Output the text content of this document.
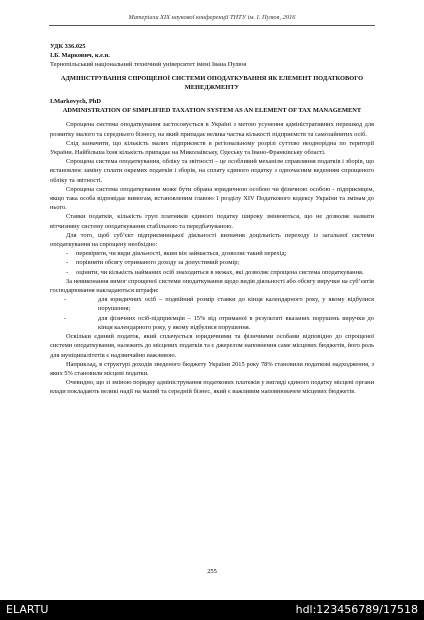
Матеріали XIX наукової конференції ТНТУ ім. І. Пулюя, 2016
УДК 336.025
І.Б. Маркович, к.е.н.
Тернопільський національний технічний університет імені Івана Пулюя
АДМІНІСТРУВАННЯ СПРОЩЕНОЇ СИСТЕМИ ОПОДАТКУВАННЯ ЯК ЕЛЕМЕНТ ПОДАТКОВОГО МЕНЕДЖМЕНТУ
I.Markovych, PhD
ADMINISTRATION OF SIMPLIFIED TAXATION SYSTEM AS AN ELEMENT OF TAX MANAGEMENT

Спрощена система оподаткування застосовується в Україні з метою усунення адміністративних перешкод для розвитку малого та середнього бізнесу, на який припадає велика частка кількості підприємств та самозайнятих осіб.

Слід зазначити, що кількість малих підприємств в регіональному розрізі суттєво неоднорідна по території України. Найбільша їхня кількість припадає на Миколаївську, Одеську та Івано-Франківську області.

Спрощена система оподаткування, обліку та звітності – це особливий механізм справляння податків і зборів, що встановлює заміну сплати окремих податків і зборів, на сплату єдиного податку з одночасним веденням спрощеного обліку та звітності.

Спрощена система оподаткування може бути обрана юридичною особою чи фізичною особою - підприємцем, якщо така особа відповідає вимогам, встановленим главою 1 розділу XIV Податкового кодексу України та змінам до нього.

Ставки податків, кількість груп платників єдиного податку широку змінюються, що не дозволяє назвати вітчизняну систему оподаткування стабільною та передбачуваною.

Для того, щоб суб’єкт підприємницької діяльності визначив доцільність переходу із загальної системи оподаткування на спрощену необхідно:

- перевірити, чи види діяльності, яким він займається, дозволяє такий перехід;
- порівняти обсягу отриманого доходу за допустимий розмір;
- оцінити, чи кількість найманих осіб знаходиться в межах, які дозволяє спрощена система оподаткування.

За невиконання вимог спрощеної системи оподаткування щодо видів діяльності або обсягу виручки на суб’єктів господарювання накладаються штрафи:

- для юридичних осіб – подвійний розмір ставки до кінця календарного року, у якому відбулися порушення;
- для фізичних осіб-підприємців – 15% від отриманої в результаті вказаних порушень виручки до кінця календарного року, у якому відбулися порушення.

Оскільки єдиний податок, який сплачується юридичними та фізичними особами відповідно до спрощеної системи оподаткування, належить до місцевих податків та є джерелом наповнення саме місцевих бюджетів, його роль для муніципалітетів є надзвичайно важливою.

Наприклад, в структурі доходів зведеного бюджету України 2015 року 78% становили податкові надходження, з яких 5% становили місцеві податки.

Очевидно, що зі зміною порядку адміністрування податкових платежів у вигляді єдиного податку місцеві органи влади покладають великі надії на малий та середній бізнес, який є важливим наповнювачем місцевих бюджетів.

255
ELARTU	hdl:123456789/17518
